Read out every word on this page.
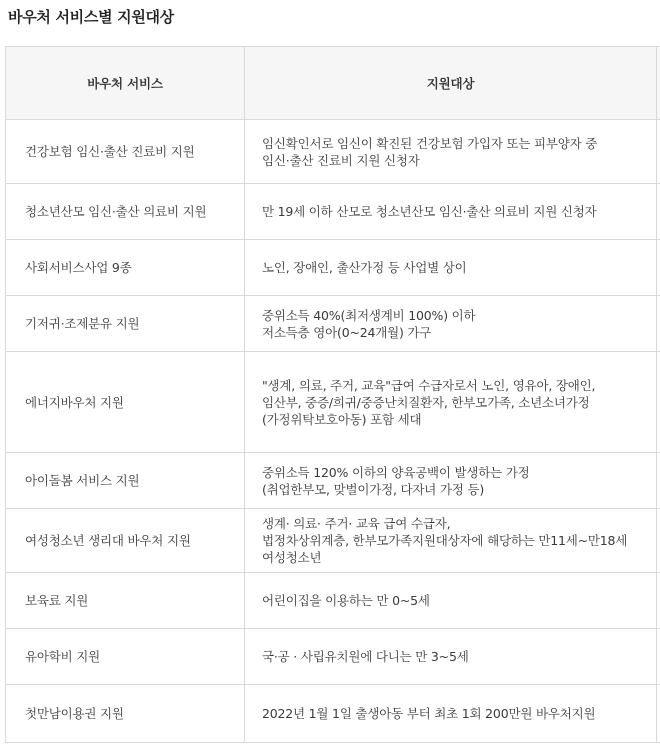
바우처 서비스별 지원대상
바우처 서비스	지원대상	
건강보험 임신·출산 진료비 지원	임신확인서로 임신이 확진된 건강보험 가입자 또는 피부양자 중
임신·출산 진료비 지원 신청자	

청소년산모 임신·출산 의료비 지원	만 19세 이하 산모로 청소년산모 임신·출산 의료비 지원 신청자	

사회서비스사업 9종	노인, 장애인, 출산가정 등 사업별 상이	

기저귀·조제분유 지원	중위소득 40%(최저생계비 100%) 이하
저소득층 영아(0~24개월) 가구	

에너지바우처 지원	"생계, 의료, 주거, 교육"급여 수급자로서 노인, 영유아, 장애인,
임산부, 중증/희귀/중증난치질환자, 한부모가족, 소년소녀가정
(가정위탁보호아동) 포함 세대	

아이돌봄 서비스 지원	중위소득 120% 이하의 양육공백이 발생하는 가정
(취업한부모, 맞벌이가정, 다자녀 가정 등)	

여성청소년 생리대 바우처 지원	생계· 의료· 주거· 교육 급여 수급자,
법정차상위계층, 한부모가족지원대상자에 해당하는 만11세~만18세 여성청소년	

보육료 지원	어린이집을 이용하는 만 0~5세	

유아학비 지원	국·공 · 사립유치원에 다니는 만 3~5세	

첫만남이용권 지원	2022년 1월 1일 출생아동 부터 최초 1회 200만원 바우처지원	
